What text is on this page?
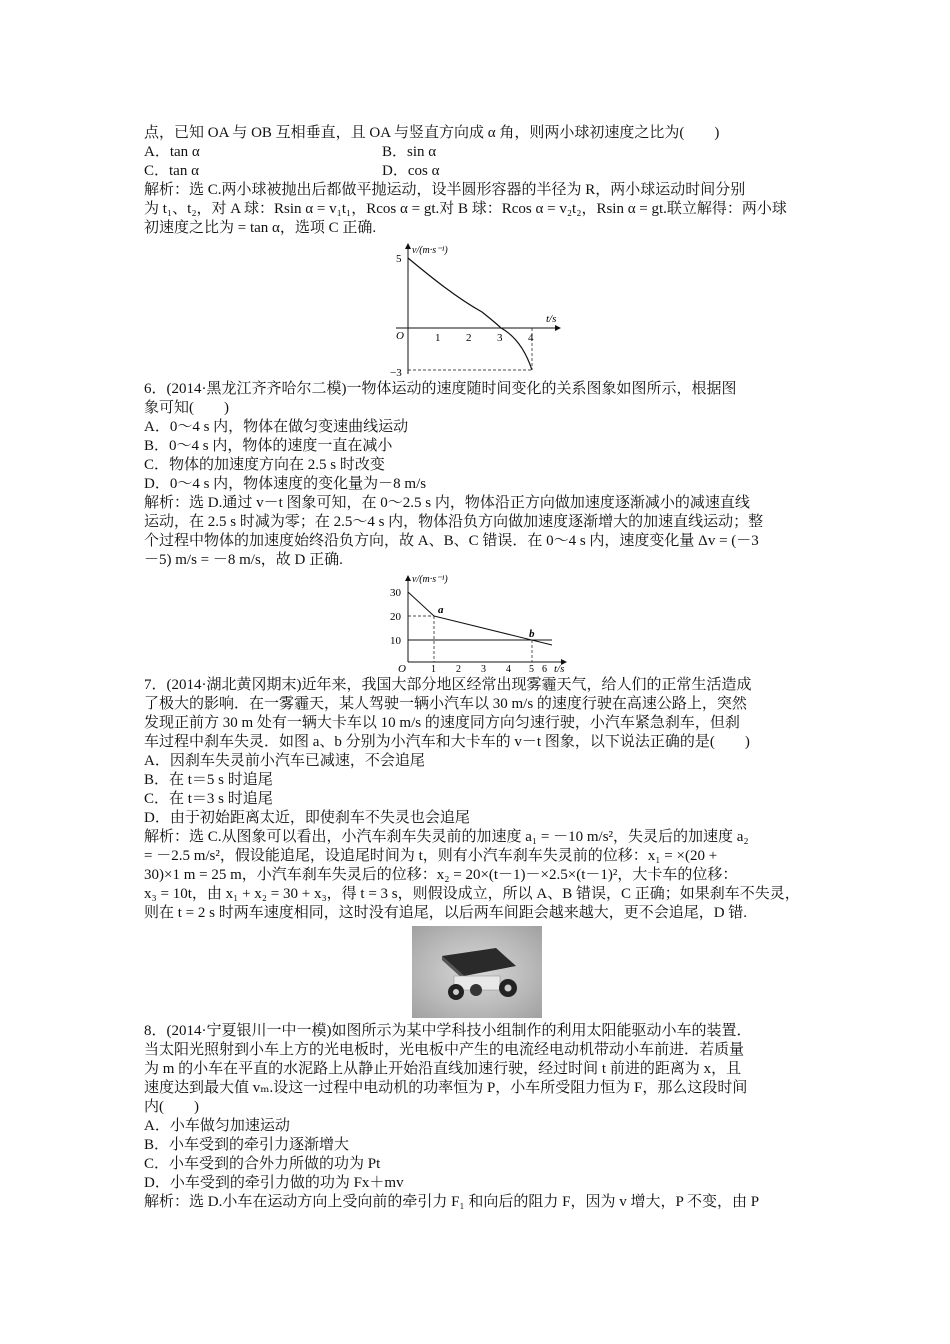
点，已知 OA 与 OB 互相垂直，且 OA 与竖直方向成 α 角，则两小球初速度之比为(　　)
A．tan α	B．sin α
C．tan α	D．cos α
解析：选 C.两小球被抛出后都做平抛运动，设半圆形容器的半径为 R，两小球运动时间分别
为 t₁、t₂，对 A 球：Rsin α = v₁t₁，Rcos α = gt.对 B 球：Rcos α = v₂t₂，Rsin α = gt.联立解得：两小球
初速度之比为 = tan α，选项 C 正确.
v/(m·s⁻¹)
t/s
5
O
−3
1 2 3 4
6．(2014·黑龙江齐齐哈尔二模)一物体运动的速度随时间变化的关系图象如图所示，根据图
象可知(　　)
A．0～4 s 内，物体在做匀变速曲线运动
B．0～4 s 内，物体的速度一直在减小
C．物体的加速度方向在 2.5 s 时改变
D．0～4 s 内，物体速度的变化量为－8 m/s
解析：选 D.通过 v－t 图象可知，在 0～2.5 s 内，物体沿正方向做加速度逐渐减小的减速直线
运动，在 2.5 s 时减为零；在 2.5～4 s 内，物体沿负方向做加速度逐渐增大的加速直线运动；整
个过程中物体的加速度始终沿负方向，故 A、B、C 错误．在 0～4 s 内，速度变化量 Δv = (－3
－5) m/s = －8 m/s，故 D 正确.
v/(m·s⁻¹)
t/s
30
20
10
O	1 2 3 4 5 6
a
b
7．(2014·湖北黄冈期末)近年来，我国大部分地区经常出现雾霾天气，给人们的正常生活造成
了极大的影响．在一雾霾天，某人驾驶一辆小汽车以 30 m/s 的速度行驶在高速公路上，突然
发现正前方 30 m 处有一辆大卡车以 10 m/s 的速度同方向匀速行驶，小汽车紧急刹车，但刹
车过程中刹车失灵．如图 a、b 分别为小汽车和大卡车的 v－t 图象，以下说法正确的是(　　)
A．因刹车失灵前小汽车已减速，不会追尾
B．在 t＝5 s 时追尾
C．在 t＝3 s 时追尾
D．由于初始距离太近，即使刹车不失灵也会追尾
解析：选 C.从图象可以看出，小汽车刹车失灵前的加速度 a₁ = －10 m/s²，失灵后的加速度 a₂
= －2.5 m/s²，假设能追尾，设追尾时间为 t，则有小汽车刹车失灵前的位移：x₁ = ×(20 +
30)×1 m = 25 m，小汽车刹车失灵后的位移：x₂ = 20×(t－1)－×2.5×(t－1)²，大卡车的位移：
x₃ = 10t，由 x₁ + x₂ = 30 + x₃，得 t = 3 s，则假设成立，所以 A、B 错误，C 正确；如果刹车不失灵，
则在 t = 2 s 时两车速度相同，这时没有追尾，以后两车间距会越来越大，更不会追尾，D 错.
8．(2014·宁夏银川一中一模)如图所示为某中学科技小组制作的利用太阳能驱动小车的装置．
当太阳光照射到小车上方的光电板时，光电板中产生的电流经电动机带动小车前进．若质量
为 m 的小车在平直的水泥路上从静止开始沿直线加速行驶，经过时间 t 前进的距离为 x，且
速度达到最大值 vₘ.设这一过程中电动机的功率恒为 P，小车所受阻力恒为 F，那么这段时间
内(　　)
A．小车做匀加速运动
B．小车受到的牵引力逐渐增大
C．小车受到的合外力所做的功为 Pt
D．小车受到的牵引力做的功为 Fx＋mv
解析：选 D.小车在运动方向上受向前的牵引力 F₁ 和向后的阻力 F，因为 v 增大，P 不变，由 P
